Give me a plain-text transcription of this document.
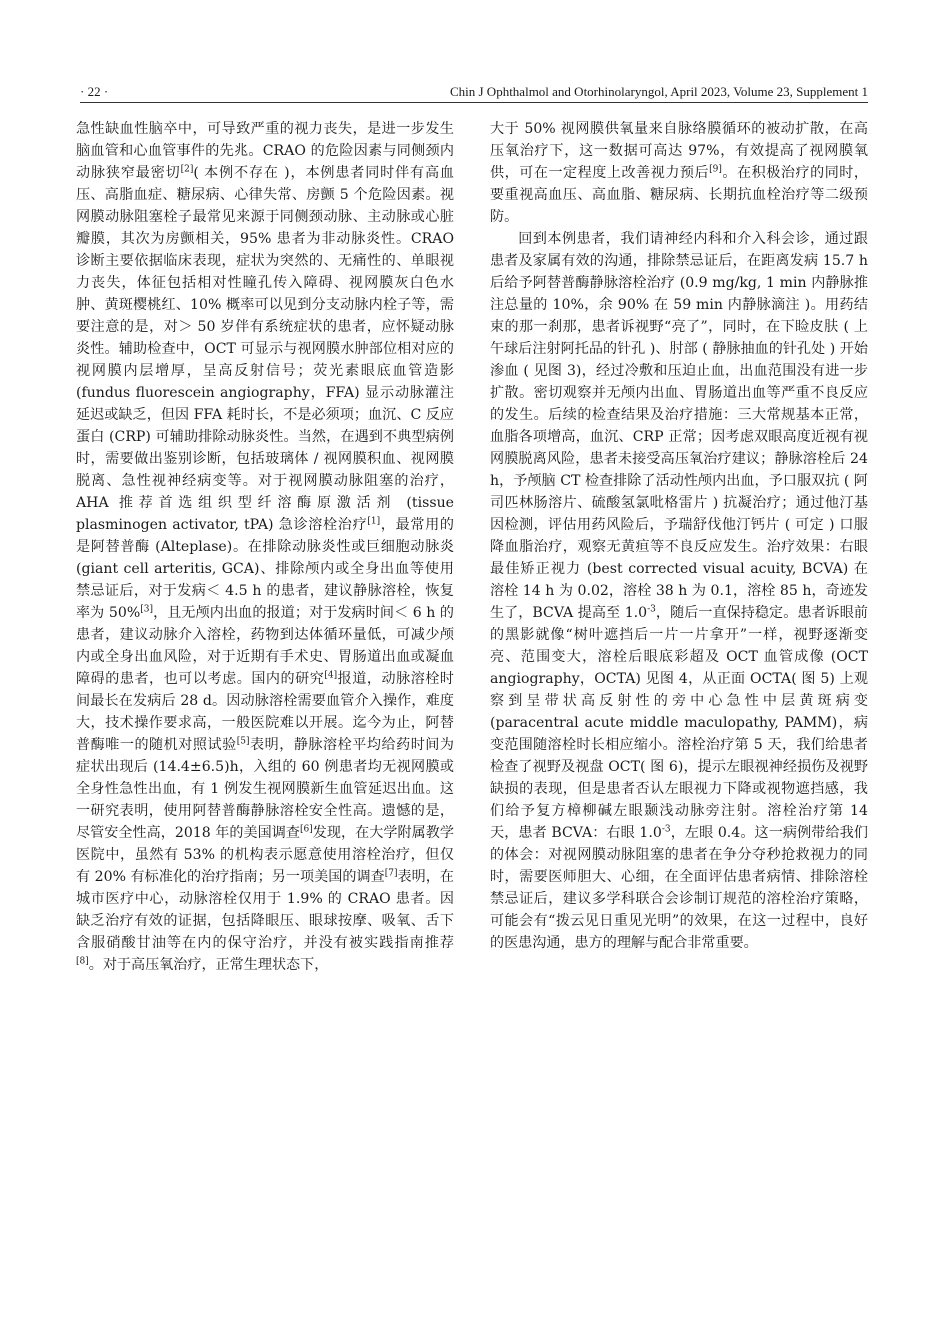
· 22 ·	Chin J Ophthalmol and Otorhinolaryngol, April 2023, Volume 23, Supplement 1

急性缺血性脑卒中，可导致严重的视力丧失，是进一步发生脑血管和心血管事件的先兆。CRAO 的危险因素与同侧颈内动脉狭窄最密切[2]( 本例不存在 )，本例患者同时伴有高血压、高脂血症、糖尿病、心律失常、房颤 5 个危险因素。视网膜动脉阻塞栓子最常见来源于同侧颈动脉、主动脉或心脏瓣膜，其次为房颤相关，95% 患者为非动脉炎性。CRAO 诊断主要依据临床表现，症状为突然的、无痛性的、单眼视力丧失，体征包括相对性瞳孔传入障碍、视网膜灰白色水肿、黄斑樱桃红、10% 概率可以见到分支动脉内栓子等，需要注意的是，对＞ 50 岁伴有系统症状的患者，应怀疑动脉炎性。辅助检查中，OCT 可显示与视网膜水肿部位相对应的视网膜内层增厚，呈高反射信号；荧光素眼底血管造影 (fundus fluorescein angiography，FFA) 显示动脉灌注延迟或缺乏，但因 FFA 耗时长，不是必须项；血沉、C 反应蛋白 (CRP) 可辅助排除动脉炎性。当然，在遇到不典型病例时，需要做出鉴别诊断，包括玻璃体 / 视网膜积血、视网膜脱离、急性视神经病变等。对于视网膜动脉阻塞的治疗，AHA 推荐首选组织型纤溶酶原激活剂 (tissue plasminogen activator, tPA) 急诊溶栓治疗[1]，最常用的是阿替普酶 (Alteplase)。在排除动脉炎性或巨细胞动脉炎 (giant cell arteritis, GCA)、排除颅内或全身出血等使用禁忌证后，对于发病＜ 4.5 h 的患者，建议静脉溶栓，恢复率为 50%[3]，且无颅内出血的报道；对于发病时间＜ 6 h 的患者，建议动脉介入溶栓，药物到达体循环量低，可减少颅内或全身出血风险，对于近期有手术史、胃肠道出血或凝血障碍的患者，也可以考虑。国内的研究[4]报道，动脉溶栓时间最长在发病后 28 d。因动脉溶栓需要血管介入操作，难度大，技术操作要求高，一般医院难以开展。迄今为止，阿替普酶唯一的随机对照试验[5]表明，静脉溶栓平均给药时间为症状出现后 (14.4±6.5)h，入组的 60 例患者均无视网膜或全身性急性出血，有 1 例发生视网膜新生血管延迟出血。这一研究表明，使用阿替普酶静脉溶栓安全性高。遗憾的是，尽管安全性高，2018 年的美国调查[6]发现，在大学附属教学医院中，虽然有 53% 的机构表示愿意使用溶栓治疗，但仅有 20% 有标准化的治疗指南；另一项美国的调查[7]表明，在城市医疗中心，动脉溶栓仅用于 1.9% 的 CRAO 患者。因缺乏治疗有效的证据，包括降眼压、眼球按摩、吸氧、舌下含服硝酸甘油等在内的保守治疗，并没有被实践指南推荐[8]。对于高压氧治疗，正常生理状态下，

大于 50% 视网膜供氧量来自脉络膜循环的被动扩散，在高压氧治疗下，这一数据可高达 97%，有效提高了视网膜氧供，可在一定程度上改善视力预后[9]。在积极治疗的同时，要重视高血压、高血脂、糖尿病、长期抗血栓治疗等二级预防。

回到本例患者，我们请神经内科和介入科会诊，通过跟患者及家属有效的沟通，排除禁忌证后，在距离发病 15.7 h 后给予阿替普酶静脉溶栓治疗 (0.9 mg/kg, 1 min 内静脉推注总量的 10%，余 90% 在 59 min 内静脉滴注 )。用药结束的那一刹那，患者诉视野“亮了”，同时，在下睑皮肤 ( 上午球后注射阿托品的针孔 )、肘部 ( 静脉抽血的针孔处 ) 开始渗血 ( 见图 3)，经过冷敷和压迫止血，出血范围没有进一步扩散。密切观察并无颅内出血、胃肠道出血等严重不良反应的发生。后续的检查结果及治疗措施：三大常规基本正常，血脂各项增高，血沉、CRP 正常；因考虑双眼高度近视有视网膜脱离风险，患者未接受高压氧治疗建议；静脉溶栓后 24 h，予颅脑 CT 检查排除了活动性颅内出血，予口服双抗 ( 阿司匹林肠溶片、硫酸氢氯吡格雷片 ) 抗凝治疗；通过他汀基因检测，评估用药风险后，予瑞舒伐他汀钙片 ( 可定 ) 口服降血脂治疗，观察无黄疸等不良反应发生。治疗效果：右眼最佳矫正视力 (best corrected visual acuity, BCVA) 在溶栓 14 h 为 0.02，溶栓 38 h 为 0.1，溶栓 85 h，奇迹发生了，BCVA 提高至 $1.0^{-3}$，随后一直保持稳定。患者诉眼前的黑影就像“树叶遮挡后一片一片拿开”一样，视野逐渐变亮、范围变大，溶栓后眼底彩超及 OCT 血管成像 (OCT angiography，OCTA) 见图 4，从正面 OCTA( 图 5) 上观察到呈带状高反射性的旁中心急性中层黄斑病变 (paracentral acute middle maculopathy, PAMM)，病变范围随溶栓时长相应缩小。溶栓治疗第 5 天，我们给患者检查了视野及视盘 OCT( 图 6)，提示左眼视神经损伤及视野缺损的表现，但是患者否认左眼视力下降或视物遮挡感，我们给予复方樟柳碱左眼颞浅动脉旁注射。溶栓治疗第 14 天，患者 BCVA：右眼 $1.0^{-3}$，左眼 0.4。这一病例带给我们的体会：对视网膜动脉阻塞的患者在争分夺秒抢救视力的同时，需要医师胆大、心细，在全面评估患者病情、排除溶栓禁忌证后，建议多学科联合会诊制订规范的溶栓治疗策略，可能会有“拨云见日重见光明”的效果，在这一过程中，良好的医患沟通，患方的理解与配合非常重要。
